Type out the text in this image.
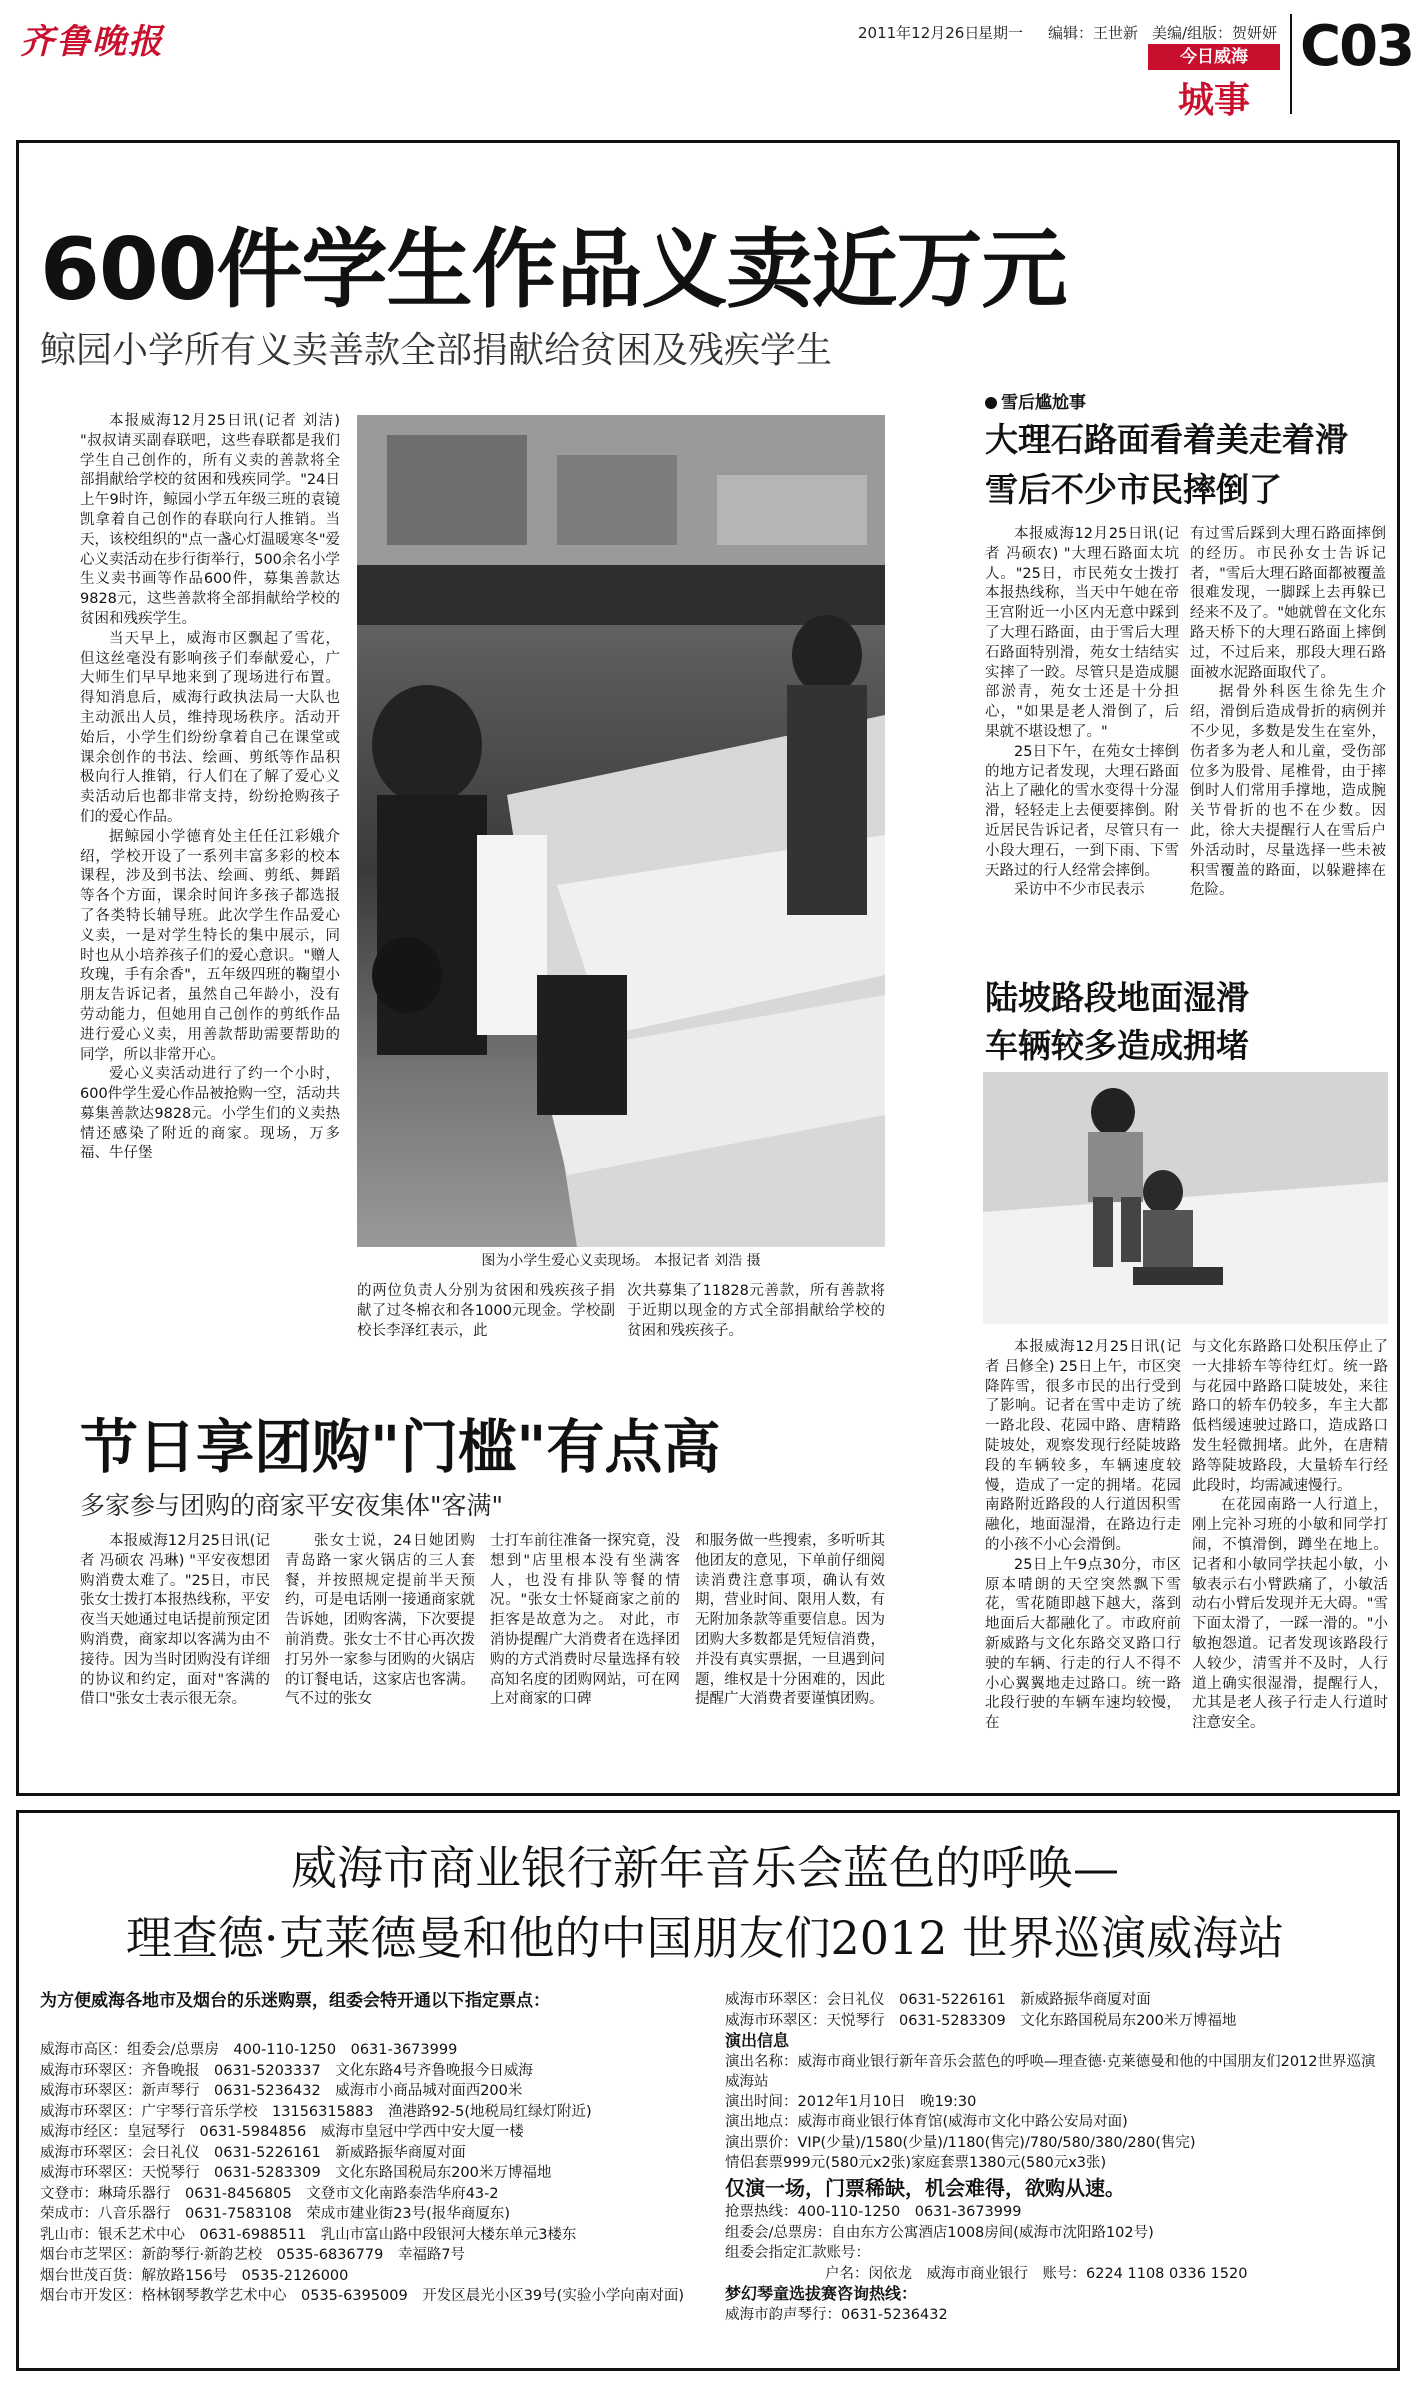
齐鲁晚报	2011年12月26日
星期一 编辑：王世新 美编/组版：贺妍妍
今日威海
城事
C03
600件学生作品义卖近万元
鲸园小学所有义卖善款全部捐献给贫困及残疾学生

本报威海12月25日讯(记者 刘洁) "叔叔请买副春联吧，这些春联都是我们学生自己创作的，所有义卖的善款将全部捐献给学校的贫困和残疾同学。"24日上午9时许，鲸园小学五年级三班的袁镜凯拿着自己创作的春联向行人推销。当天，该校组织的"点一盏心灯温暖寒冬"爱心义卖活动在步行街举行，500余名小学生义卖书画等作品600件，募集善款达9828元，这些善款将全部捐献给学校的贫困和残疾学生。

当天早上，威海市区飘起了雪花，但这丝毫没有影响孩子们奉献爱心，广大师生们早早地来到了现场进行布置。得知消息后，威海行政执法局一大队也主动派出人员，维持现场秩序。活动开始后，小学生们纷纷拿着自己在课堂或课余创作的书法、绘画、剪纸等作品积极向行人推销，行人们在了解了爱心义卖活动后也都非常支持，纷纷抢购孩子们的爱心作品。

据鲸园小学德育处主任任江彩娥介绍，学校开设了一系列丰富多彩的校本课程，涉及到书法、绘画、剪纸、舞蹈等各个方面，课余时间许多孩子都选报了各类特长辅导班。此次学生作品爱心义卖，一是对学生特长的集中展示，同时也从小培养孩子们的爱心意识。"赠人玫瑰，手有余香"，五年级四班的鞠望小朋友告诉记者，虽然自己年龄小，没有劳动能力，但她用自己创作的剪纸作品进行爱心义卖，用善款帮助需要帮助的同学，所以非常开心。

爱心义卖活动进行了约一个小时，600件学生爱心作品被抢购一空，活动共募集善款达9828元。小学生们的义卖热情还感染了附近的商家。现场，万多福、牛仔堡

图为小学生爱心义卖现场。 本报记者 刘浩 摄

的两位负责人分别为贫困和残疾孩子捐献了过冬棉衣和各1000元现金。学校副校长李泽红表示，此

次共募集了11828元善款，所有善款将于近期以现金的方式全部捐献给学校的贫困和残疾孩子。

雪后尴尬事
大理石路面看着美走着滑
雪后不少市民摔倒了

本报威海12月25日讯(记者 冯硕农) "大理石路面太坑人。"25日，市民苑女士拨打本报热线称，当天中午她在帝王宫附近一小区内无意中踩到了大理石路面，由于雪后大理石路面特别滑，苑女士结结实实摔了一跤。尽管只是造成腿部淤青，苑女士还是十分担心，"如果是老人滑倒了，后果就不堪设想了。"

25日下午，在苑女士摔倒的地方记者发现，大理石路面沾上了融化的雪水变得十分湿滑，轻轻走上去便要摔倒。附近居民告诉记者，尽管只有一小段大理石，一到下雨、下雪天路过的行人经常会摔倒。

采访中不少市民表示

有过雪后踩到大理石路面摔倒的经历。市民孙女士告诉记者，"雪后大理石路面都被覆盖很难发现，一脚踩上去再躲已经来不及了。"她就曾在文化东路天桥下的大理石路面上摔倒过，不过后来，那段大理石路面被水泥路面取代了。

据骨外科医生徐先生介绍，滑倒后造成骨折的病例并不少见，多数是发生在室外，伤者多为老人和儿童，受伤部位多为股骨、尾椎骨，由于摔倒时人们常用手撑地，造成腕关节骨折的也不在少数。因此，徐大夫提醒行人在雪后户外活动时，尽量选择一些未被积雪覆盖的路面，以躲避摔在危险。

陆坡路段地面湿滑
车辆较多造成拥堵

本报威海12月25日讯(记者 吕修全) 25日上午，市区突降阵雪，很多市民的出行受到了影响。记者在雪中走访了统一路北段、花园中路、唐精路陡坡处，观察发现行经陡坡路段的车辆较多，车辆速度较慢，造成了一定的拥堵。花园南路附近路段的人行道因积雪融化，地面湿滑，在路边行走的小孩不小心会滑倒。

25日上午9点30分，市区原本晴朗的天空突然飘下雪花，雪花随即越下越大，落到地面后大都融化了。市政府前新威路与文化东路交叉路口行驶的车辆、行走的行人不得不小心翼翼地走过路口。统一路北段行驶的车辆车速均较慢，在

与文化东路路口处积压停止了一大排轿车等待红灯。统一路与花园中路路口陡坡处，来往路口的轿车仍较多，车主大都低档缓速驶过路口，造成路口发生轻微拥堵。此外，在唐精路等陡坡路段，大量轿车行经此段时，均需减速慢行。

在花园南路一人行道上，刚上完补习班的小敏和同学打闹，不慎滑倒，蹲坐在地上。记者和小敏同学扶起小敏，小敏表示右小臂跌痛了，小敏活动右小臂后发现并无大碍。"雪下面太滑了，一踩一滑的。"小敏抱怨道。记者发现该路段行人较少，清雪并不及时，人行道上确实很湿滑，提醒行人，尤其是老人孩子行走人行道时注意安全。

节日享团购"门槛"有点高
多家参与团购的商家平安夜集体"客满"

本报威海12月25日讯(记者 冯硕农 冯琳) "平安夜想团购消费太难了。"25日，市民张女士拨打本报热线称，平安夜当天她通过电话提前预定团购消费，商家却以客满为由不接待。因为当时团购没有详细的协议和约定，面对"客满的借口"张女士表示很无奈。

张女士说，24日她团购青岛路一家火锅店的三人套餐，并按照规定提前半天预约，可是电话刚一接通商家就告诉她，团购客满，下次要提前消费。张女士不甘心再次拨打另外一家参与团购的火锅店的订餐电话，这家店也客满。气不过的张女

士打车前往准备一探究竟，没想到"店里根本没有坐满客人，也没有排队等餐的情况。"张女士怀疑商家之前的拒客是故意为之。 对此，市消协提醒广大消费者在选择团购的方式消费时尽量选择有较高知名度的团购网站，可在网上对商家的口碑

和服务做一些搜索，多听听其他团友的意见，下单前仔细阅读消费注意事项，确认有效期，营业时间、限用人数，有无附加条款等重要信息。因为团购大多数都是凭短信消费，并没有真实票据，一旦遇到问题，维权是十分困难的，因此提醒广大消费者要谨慎团购。

威海市商业银行新年音乐会蓝色的呼唤—
理查德·克莱德曼和他的中国朋友们2012 世界巡演威海站
为方便威海各地市及烟台的乐迷购票，组委会特开通以下指定票点：
威海市高区：组委会/总票房　400-110-1250　0631-3673999
威海市环翠区：齐鲁晚报　0631-5203337　文化东路4号齐鲁晚报今日威海
威海市环翠区：新声琴行　0631-5236432　威海市小商品城对面西200米
威海市环翠区：广宇琴行音乐学校　13156315883　渔港路92-5(地税局红绿灯附近)
威海市经区：皇冠琴行　0631-5984856　威海市皇冠中学西中安大厦一楼
威海市环翠区：会日礼仪　0631-5226161　新威路振华商厦对面
威海市环翠区：天悦琴行　0631-5283309　文化东路国税局东200米万博福地
文登市：琳琦乐器行　0631-8456805　文登市文化南路泰浩华府43-2
荣成市：八音乐器行　0631-7583108　荣成市建业街23号(报华商厦东)
乳山市：银禾艺术中心　0631-6988511　乳山市富山路中段银河大楼东单元3楼东
烟台市芝罘区：新韵琴行·新韵艺校　0535-6836779　幸福路7号
烟台世茂百货：解放路156号　0535-2126000
烟台市开发区：格林钢琴教学艺术中心　0535-6395009　开发区晨光小区39号(实验小学向南对面)
威海市环翠区：会日礼仪　0631-5226161　新威路振华商厦对面
威海市环翠区：天悦琴行　0631-5283309　文化东路国税局东200米万博福地
演出信息
演出名称：威海市商业银行新年音乐会蓝色的呼唤—理查德·克莱德曼和他的中国朋友们2012世界巡演威海站
演出时间：2012年1月10日　晚19:30
演出地点：威海市商业银行体育馆(威海市文化中路公安局对面)
演出票价：VIP(少量)/1580(少量)/1180(售完)/780/580/380/280(售完)
情侣套票999元(580元x2张)家庭套票1380元(580元x3张)
仅演一场，门票稀缺，机会难得，欲购从速。
抢票热线：400-110-1250　0631-3673999
组委会/总票房：自由东方公寓酒店1008房间(威海市沈阳路102号)
组委会指定汇款账号：
户名：闵依龙　威海市商业银行　账号：6224 1108 0336 1520
梦幻琴童选拔赛咨询热线：
威海市韵声琴行：0631-5236432
